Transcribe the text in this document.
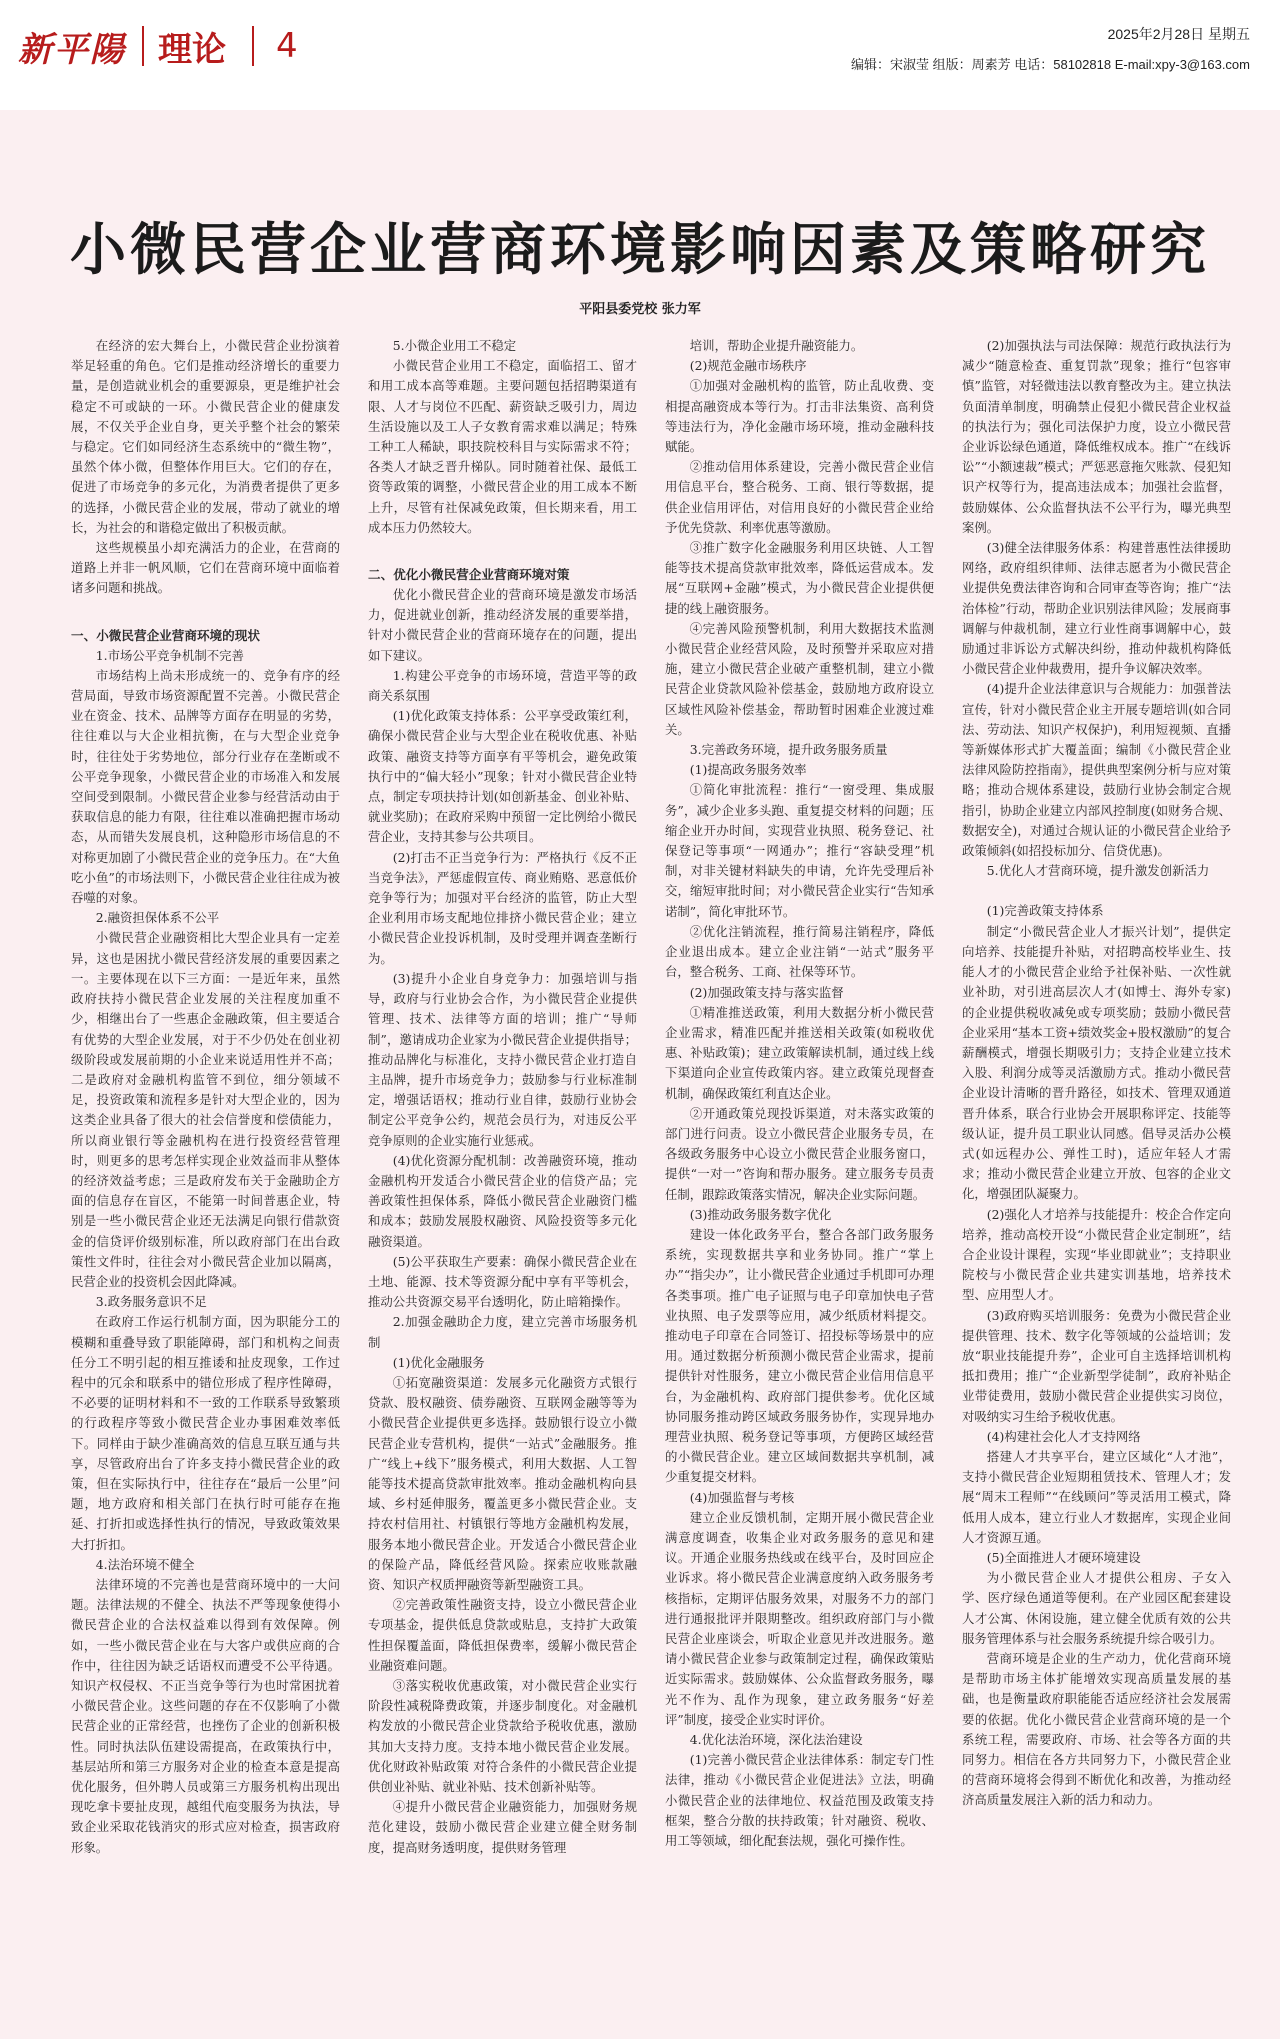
新平陽 理论	4	2025年2月28日 星期五
编辑：宋淑莹 组版：周素芳 电话：58102818 E-mail:xpy-3@163.com
小微民营企业营商环境影响因素及策略研究
平阳县委党校 张力军

在经济的宏大舞台上，小微民营企业扮演着举足轻重的角色。它们是推动经济增长的重要力量，是创造就业机会的重要源泉，更是维护社会稳定不可或缺的一环。小微民营企业的健康发展，不仅关乎企业自身，更关乎整个社会的繁荣与稳定。它们如同经济生态系统中的“微生物”，虽然个体小微，但整体作用巨大。它们的存在，促进了市场竞争的多元化，为消费者提供了更多的选择，小微民营企业的发展，带动了就业的增长，为社会的和谐稳定做出了积极贡献。

这些规模虽小却充满活力的企业，在营商的道路上并非一帆风顺，它们在营商环境中面临着诸多问题和挑战。

一、小微民营企业营商环境的现状
1.市场公平竞争机制不完善

市场结构上尚未形成统一的、竞争有序的经营局面，导致市场资源配置不完善。小微民营企业在资金、技术、品牌等方面存在明显的劣势，往往难以与大企业相抗衡，在与大型企业竞争时，往往处于劣势地位，部分行业存在垄断或不公平竞争现象，小微民营企业的市场准入和发展空间受到限制。小微民营企业参与经营活动由于获取信息的能力有限，往往难以准确把握市场动态，从而错失发展良机，这种隐形市场信息的不对称更加剧了小微民营企业的竞争压力。在“大鱼吃小鱼”的市场法则下，小微民营企业往往成为被吞噬的对象。

2.融资担保体系不公平

小微民营企业融资相比大型企业具有一定差异，这也是困扰小微民营经济发展的重要因素之一。主要体现在以下三方面：一是近年来，虽然政府扶持小微民营企业发展的关注程度加重不少，相继出台了一些惠企金融政策，但主要适合有优势的大型企业发展，对于不少仍处在创业初级阶段或发展前期的小企业来说适用性并不高；二是政府对金融机构监管不到位，细分领域不足，投资政策和流程多是针对大型企业的，因为这类企业具备了很大的社会信誉度和偿债能力，所以商业银行等金融机构在进行投资经营管理时，则更多的思考怎样实现企业效益而非从整体的经济效益考虑；三是政府发布关于金融助企方面的信息存在盲区，不能第一时间普惠企业，特别是一些小微民营企业还无法满足向银行借款资金的信贷评价级别标准，所以政府部门在出台政策性文件时，往往会对小微民营企业加以隔离，民营企业的投资机会因此降减。

3.政务服务意识不足

在政府工作运行机制方面，因为职能分工的模糊和重叠导致了职能障碍，部门和机构之间责任分工不明引起的相互推诿和扯皮现象，工作过程中的冗余和联系中的错位形成了程序性障碍，不必要的证明材料和不一致的工作联系导致繁琐的行政程序等致小微民营企业办事困难效率低下。同样由于缺少准确高效的信息互联互通与共享，尽管政府出台了许多支持小微民营企业的政策，但在实际执行中，往往存在“最后一公里”问题，地方政府和相关部门在执行时可能存在拖延、打折扣或选择性执行的情况，导致政策效果大打折扣。

4.法治环境不健全

法律环境的不完善也是营商环境中的一大问题。法律法规的不健全、执法不严等现象使得小微民营企业的合法权益难以得到有效保障。例如，一些小微民营企业在与大客户或供应商的合作中，往往因为缺乏话语权而遭受不公平待遇。知识产权侵权、不正当竞争等行为也时常困扰着小微民营企业。这些问题的存在不仅影响了小微民营企业的正常经营，也挫伤了企业的创新积极性。同时执法队伍建设需提高，在政策执行中，基层站所和第三方服务对企业的检查本意是提高优化服务，但外聘人员或第三方服务机构出现出现吃拿卡要扯皮现，越组代庖变服务为执法，导致企业采取花钱消灾的形式应对检查，损害政府形象。

5.小微企业用工不稳定

小微民营企业用工不稳定，面临招工、留才和用工成本高等难题。主要问题包括招聘渠道有限、人才与岗位不匹配、薪资缺乏吸引力，周边生活设施以及工人子女教育需求难以满足；特殊工种工人稀缺，职技院校科目与实际需求不符；各类人才缺乏晋升梯队。同时随着社保、最低工资等政策的调整，小微民营企业的用工成本不断上升，尽管有社保减免政策，但长期来看，用工成本压力仍然较大。

二、优化小微民营企业营商环境对策

优化小微民营企业的营商环境是激发市场活力，促进就业创新，推动经济发展的重要举措，针对小微民营企业的营商环境存在的问题，提出如下建议。

1.构建公平竞争的市场环境，营造平等的政商关系氛围

(1)优化政策支持体系：公平享受政策红利，确保小微民营企业与大型企业在税收优惠、补贴政策、融资支持等方面享有平等机会，避免政策执行中的“偏大轻小”现象；针对小微民营企业特点，制定专项扶持计划(如创新基金、创业补贴、就业奖励)；在政府采购中预留一定比例给小微民营企业，支持其参与公共项目。

(2)打击不正当竞争行为：严格执行《反不正当竞争法》，严惩虚假宣传、商业贿赂、恶意低价竞争等行为；加强对平台经济的监管，防止大型企业利用市场支配地位排挤小微民营企业；建立小微民营企业投诉机制，及时受理并调查垄断行为。

(3)提升小企业自身竞争力：加强培训与指导，政府与行业协会合作，为小微民营企业提供管理、技术、法律等方面的培训；推广“导师制”，邀请成功企业家为小微民营企业提供指导；推动品牌化与标准化，支持小微民营企业打造自主品牌，提升市场竞争力；鼓励参与行业标准制定，增强话语权；推动行业自律，鼓励行业协会制定公平竞争公约，规范会员行为，对违反公平竞争原则的企业实施行业惩戒。

(4)优化资源分配机制：改善融资环境，推动金融机构开发适合小微民营企业的信贷产品；完善政策性担保体系，降低小微民营企业融资门槛和成本；鼓励发展股权融资、风险投资等多元化融资渠道。

(5)公平获取生产要素：确保小微民营企业在土地、能源、技术等资源分配中享有平等机会，推动公共资源交易平台透明化，防止暗箱操作。

2.加强金融助企力度，建立完善市场服务机制
(1)优化金融服务

①拓宽融资渠道：发展多元化融资方式银行贷款、股权融资、债券融资、互联网金融等等为小微民营企业提供更多选择。鼓励银行设立小微民营企业专营机构，提供“一站式”金融服务。推广“线上+线下”服务模式，利用大数据、人工智能等技术提高贷款审批效率。推动金融机构向县域、乡村延伸服务，覆盖更多小微民营企业。支持农村信用社、村镇银行等地方金融机构发展，服务本地小微民营企业。开发适合小微民营企业的保险产品，降低经营风险。探索应收账款融资、知识产权质押融资等新型融资工具。

②完善政策性融资支持，设立小微民营企业专项基金，提供低息贷款或贴息，支持扩大政策性担保覆盖面，降低担保费率，缓解小微民营企业融资难问题。

③落实税收优惠政策，对小微民营企业实行阶段性减税降费政策，并逐步制度化。对金融机构发放的小微民营企业贷款给予税收优惠，激励其加大支持力度。支持本地小微民营企业发展。优化财政补贴政策 对符合条件的小微民营企业提供创业补贴、就业补贴、技术创新补贴等。

④提升小微民营企业融资能力，加强财务规范化建设，鼓励小微民营企业建立健全财务制度，提高财务透明度，提供财务管理

培训，帮助企业提升融资能力。

(2)规范金融市场秩序

①加强对金融机构的监管，防止乱收费、变相提高融资成本等行为。打击非法集资、高利贷等违法行为，净化金融市场环境，推动金融科技赋能。

②推动信用体系建设，完善小微民营企业信用信息平台，整合税务、工商、银行等数据，提供企业信用评估，对信用良好的小微民营企业给予优先贷款、利率优惠等激励。

③推广数字化金融服务利用区块链、人工智能等技术提高贷款审批效率，降低运营成本。发展“互联网+金融”模式，为小微民营企业提供便捷的线上融资服务。

④完善风险预警机制，利用大数据技术监测小微民营企业经营风险，及时预警并采取应对措施，建立小微民营企业破产重整机制，建立小微民营企业贷款风险补偿基金，鼓励地方政府设立区域性风险补偿基金，帮助暂时困难企业渡过难关。

3.完善政务环境，提升政务服务质量
(1)提高政务服务效率

①简化审批流程：推行“一窗受理、集成服务”，减少企业多头跑、重复提交材料的问题；压缩企业开办时间，实现营业执照、税务登记、社保登记等事项“一网通办”；推行“容缺受理”机制，对非关键材料缺失的申请，允许先受理后补交，缩短审批时间；对小微民营企业实行“告知承诺制”，简化审批环节。

②优化注销流程，推行简易注销程序，降低企业退出成本。建立企业注销“一站式”服务平台，整合税务、工商、社保等环节。

(2)加强政策支持与落实监督

①精准推送政策，利用大数据分析小微民营企业需求，精准匹配并推送相关政策(如税收优惠、补贴政策)；建立政策解读机制，通过线上线下渠道向企业宣传政策内容。建立政策兑现督查机制，确保政策红利直达企业。

②开通政策兑现投诉渠道，对未落实政策的部门进行问责。设立小微民营企业服务专员，在各级政务服务中心设立小微民营企业服务窗口，提供“一对一”咨询和帮办服务。建立服务专员责任制，跟踪政策落实情况，解决企业实际问题。

(3)推动政务服务数字优化

建设一体化政务平台，整合各部门政务服务系统，实现数据共享和业务协同。推广“掌上办”“指尖办”，让小微民营企业通过手机即可办理各类事项。推广电子证照与电子印章加快电子营业执照、电子发票等应用，减少纸质材料提交。推动电子印章在合同签订、招投标等场景中的应用。通过数据分析预测小微民营企业需求，提前提供针对性服务，建立小微民营企业信用信息平台，为金融机构、政府部门提供参考。优化区域协同服务推动跨区域政务服务协作，实现异地办理营业执照、税务登记等事项，方便跨区域经营的小微民营企业。建立区域间数据共享机制，减少重复提交材料。

(4)加强监督与考核

建立企业反馈机制，定期开展小微民营企业满意度调查，收集企业对政务服务的意见和建议。开通企业服务热线或在线平台，及时回应企业诉求。将小微民营企业满意度纳入政务服务考核指标，定期评估服务效果，对服务不力的部门进行通报批评并限期整改。组织政府部门与小微民营企业座谈会，听取企业意见并改进服务。邀请小微民营企业参与政策制定过程，确保政策贴近实际需求。鼓励媒体、公众监督政务服务，曝光不作为、乱作为现象，建立政务服务“好差评”制度，接受企业实时评价。

4.优化法治环境，深化法治建设

(1)完善小微民营企业法律体系：制定专门性法律，推动《小微民营企业促进法》立法，明确小微民营企业的法律地位、权益范围及政策支持框架，整合分散的扶持政策；针对融资、税收、用工等领域，细化配套法规，强化可操作性。

(2)加强执法与司法保障：规范行政执法行为减少“随意检查、重复罚款”现象；推行“包容审慎”监管，对轻微违法以教育整改为主。建立执法负面清单制度，明确禁止侵犯小微民营企业权益的执法行为；强化司法保护力度，设立小微民营企业诉讼绿色通道，降低维权成本。推广“在线诉讼”“小额速裁”模式；严惩恶意拖欠账款、侵犯知识产权等行为，提高违法成本；加强社会监督，鼓励媒体、公众监督执法不公平行为，曝光典型案例。

(3)健全法律服务体系：构建普惠性法律援助网络，政府组织律师、法律志愿者为小微民营企业提供免费法律咨询和合同审查等咨询；推广“法治体检”行动，帮助企业识别法律风险；发展商事调解与仲裁机制，建立行业性商事调解中心，鼓励通过非诉讼方式解决纠纷，推动仲裁机构降低小微民营企业仲裁费用，提升争议解决效率。

(4)提升企业法律意识与合规能力：加强普法宣传，针对小微民营企业主开展专题培训(如合同法、劳动法、知识产权保护)，利用短视频、直播等新媒体形式扩大覆盖面；编制《小微民营企业法律风险防控指南》，提供典型案例分析与应对策略；推动合规体系建设，鼓励行业协会制定合规指引，协助企业建立内部风控制度(如财务合规、数据安全)，对通过合规认证的小微民营企业给予政策倾斜(如招投标加分、信贷优惠)。

5.优化人才营商环境，提升激发创新活力
(1)完善政策支持体系

制定“小微民营企业人才振兴计划”，提供定向培养、技能提升补贴，对招聘高校毕业生、技能人才的小微民营企业给予社保补贴、一次性就业补助，对引进高层次人才(如博士、海外专家)的企业提供税收减免或专项奖励；鼓励小微民营企业采用“基本工资+绩效奖金+股权激励”的复合薪酬模式，增强长期吸引力；支持企业建立技术入股、利润分成等灵活激励方式。推动小微民营企业设计清晰的晋升路径，如技术、管理双通道晋升体系，联合行业协会开展职称评定、技能等级认证，提升员工职业认同感。倡导灵活办公模式(如远程办公、弹性工时)，适应年轻人才需求；推动小微民营企业建立开放、包容的企业文化，增强团队凝聚力。

(2)强化人才培养与技能提升：校企合作定向培养，推动高校开设“小微民营企业定制班”，结合企业设计课程，实现“毕业即就业”；支持职业院校与小微民营企业共建实训基地，培养技术型、应用型人才。

(3)政府购买培训服务：免费为小微民营企业提供管理、技术、数字化等领域的公益培训；发放“职业技能提升券”，企业可自主选择培训机构抵扣费用；推广“企业新型学徒制”，政府补贴企业带徒费用，鼓励小微民营企业提供实习岗位，对吸纳实习生给予税收优惠。

(4)构建社会化人才支持网络

搭建人才共享平台，建立区域化“人才池”，支持小微民营企业短期租赁技术、管理人才；发展“周末工程师”“在线顾问”等灵活用工模式，降低用人成本，建立行业人才数据库，实现企业间人才资源互通。

(5)全面推进人才硬环境建设

为小微民营企业人才提供公租房、子女入学、医疗绿色通道等便利。在产业园区配套建设人才公寓、休闲设施，建立健全优质有效的公共服务管理体系与社会服务系统提升综合吸引力。

营商环境是企业的生产动力，优化营商环境是帮助市场主体扩能增效实现高质量发展的基础，也是衡量政府职能能否适应经济社会发展需要的依据。优化小微民营企业营商环境的是一个系统工程，需要政府、市场、社会等各方面的共同努力。相信在各方共同努力下，小微民营企业的营商环境将会得到不断优化和改善，为推动经济高质量发展注入新的活力和动力。
